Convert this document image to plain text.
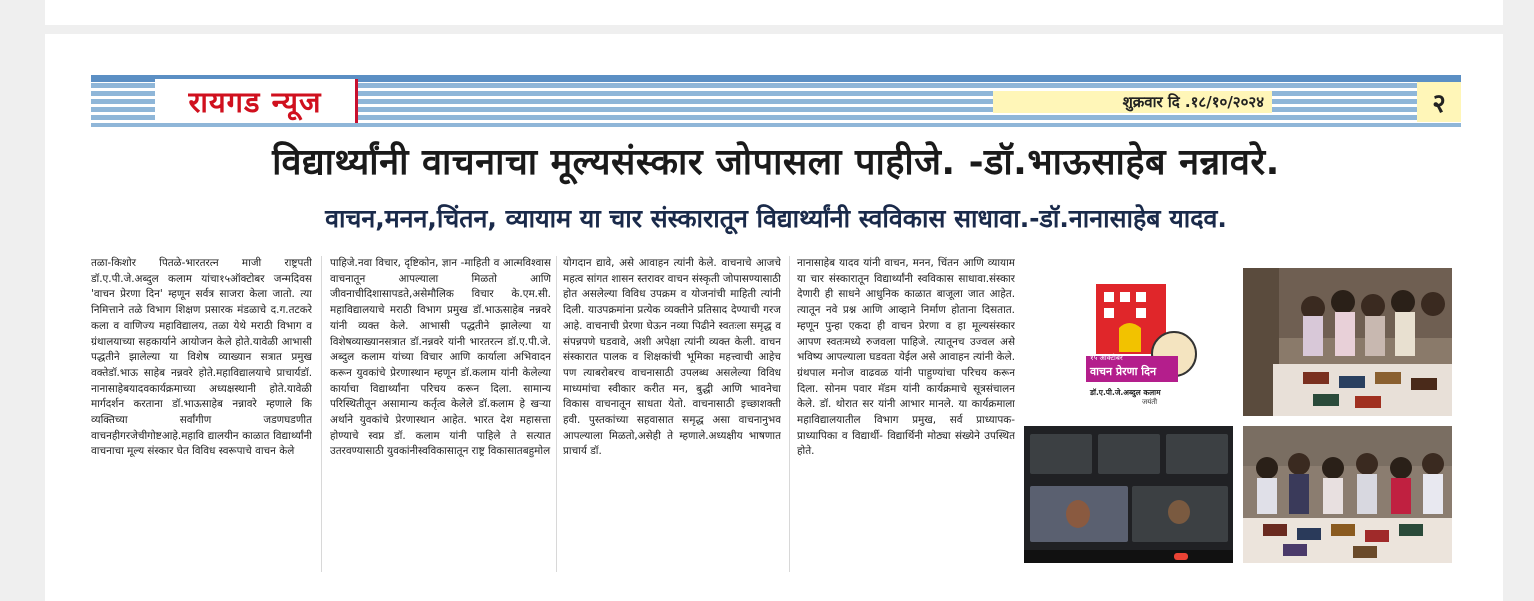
रायगड न्यूज	शुक्रवार दि .१८/१०/२०२४	२
विद्यार्थ्यांनी वाचनाचा मूल्यसंस्कार जोपासला पाहीजे. -डॉ.भाऊसाहेब नन्नावरे.
वाचन,मनन,चिंतन, व्यायाम या चार संस्कारातून विद्यार्थ्यांनी स्वविकास साधावा.-डॉ.नानासाहेब यादव.
तळा-किशोर पितळे-भारतरत्न माजी राष्ट्रपती डॉ.ए.पी.जे.अब्दुल कलाम यांचा१५ऑक्टोबर जन्मदिवस 'वाचन प्रेरणा दिन' म्हणून सर्वत्र साजरा केला जातो. त्या निमित्ताने तळे विभाग शिक्षण प्रसारक मंडळाचे द.ग.तटकरे कला व वाणिज्य महाविद्यालय, तळा येथे मराठी विभाग व ग्रंथालयाच्या सहकार्याने आयोजन केले होते.यावेळी आभासी पद्धतीने झालेल्या या विशेष व्याख्यान सत्रात प्रमुख वक्तेडॉ.भाऊ साहेब नन्नवरे होते.महाविद्यालयाचे प्राचार्यडॉ. नानासाहेबयादवकार्यक्रमाच्या अध्यक्षस्थानी होते.यावेळी मार्गदर्शन करताना डॉ.भाऊसाहेब नन्नावरे म्हणाले कि व्यक्तिच्या सर्वांगीण जडणघडणीत वाचनहीगरजेचीगोष्टआहे.महावि द्यालयीन काळात विद्यार्थ्यांनी वाचनाचा मूल्य संस्कार घेत विविध स्वरूपाचे वाचन केले
पाहिजे.नवा विचार, दृष्टिकोन, ज्ञान -माहिती व आत्मविश्वास वाचनातून आपल्याला मिळतो आणि जीवनाचीदिशासापडते,असेमौलिक विचार के.एम.सी. महाविद्यालयाचे मराठी विभाग प्रमुख डॉ.भाऊसाहेब नन्नवरे यांनी व्यक्त केले. आभासी पद्धतीने झालेल्या या विशेषव्याख्यानसत्रात डॉ.नन्नवरे यांनी भारतरत्न डॉ.ए.पी.जे. अब्दुल कलाम यांच्या विचार आणि कार्याला अभिवादन करून युवकांचे प्रेरणास्थान म्हणून डॉ.कलाम यांनी केलेल्या कार्याचा विद्यार्थ्यांना परिचय करून दिला. सामान्य परिस्थितीतून असामान्य कर्तृत्व केलेले डॉ.कलाम हे खऱ्या अर्थाने युवकांचे प्रेरणास्थान आहेत. भारत देश महासत्ता होण्याचे स्वप्न डॉ. कलाम यांनी पाहिले ते सत्यात उतरवण्यासाठी युवकांनीस्वविकासातून राष्ट्र विकासातबहुमोल
योगदान द्यावे, असे आवाहन त्यांनी केले. वाचनाचे आजचे महत्व सांगत शासन स्तरावर वाचन संस्कृती जोपासण्यासाठी होत असलेल्या विविध उपक्रम व योजनांची माहिती त्यांनी दिली. याउपक्रमांना प्रत्येक व्यक्तीने प्रतिसाद देण्याची गरज आहे. वाचनाची प्रेरणा घेऊन नव्या पिढीने स्वतःला समृद्ध व संपन्नपणे घडवावे, अशी अपेक्षा त्यांनी व्यक्त केली. वाचन संस्कारात पालक व शिक्षकांची भूमिका महत्त्वाची आहेच पण त्याबरोबरच वाचनासाठी उपलब्ध असलेल्या विविध माध्यमांचा स्वीकार करीत मन, बुद्धी आणि भावनेचा विकास वाचनातून साधता येतो. वाचनासाठी इच्छाशक्ती हवी. पुस्तकांच्या सहवासात समृद्ध असा वाचनानुभव आपल्याला मिळतो,असेही ते म्हणाले.अध्यक्षीय भाषणात प्राचार्य डॉ.
नानासाहेब यादव यांनी वाचन, मनन, चिंतन आणि व्यायाम या चार संस्कारातून विद्यार्थ्यांनी स्वविकास साधावा.संस्कार देणारी ही साधने आधुनिक काळात बाजूला जात आहेत. त्यातून नवे प्रश्न आणि आव्हाने निर्माण होताना दिसतात. म्हणून पुन्हा एकदा ही वाचन प्रेरणा व हा मूल्यसंस्कार आपण स्वतःमध्ये रुजवला पाहिजे. त्यातूनच उज्वल असे भविष्य आपल्याला घडवता येईल असे आवाहन त्यांनी केले. ग्रंथपाल मनोज वाढवळ यांनी पाहुण्यांचा परिचय करून दिला. सोनम पवार मॅडम यांनी कार्यक्रमाचे सूत्रसंचालन केले. डॉ. थोरात सर यांनी आभार मानले. या कार्यक्रमाला महाविद्यालयातील विभाग प्रमुख, सर्व प्राध्यापक- प्राध्यापिका व विद्यार्थी- विद्यार्थिनी मोठ्या संख्येने उपस्थित होते.
१५ ऑक्टोबर
वाचन प्रेरणा दिन
डॉ.ए.पी.जे.अब्दुल कलाम
जयंती
